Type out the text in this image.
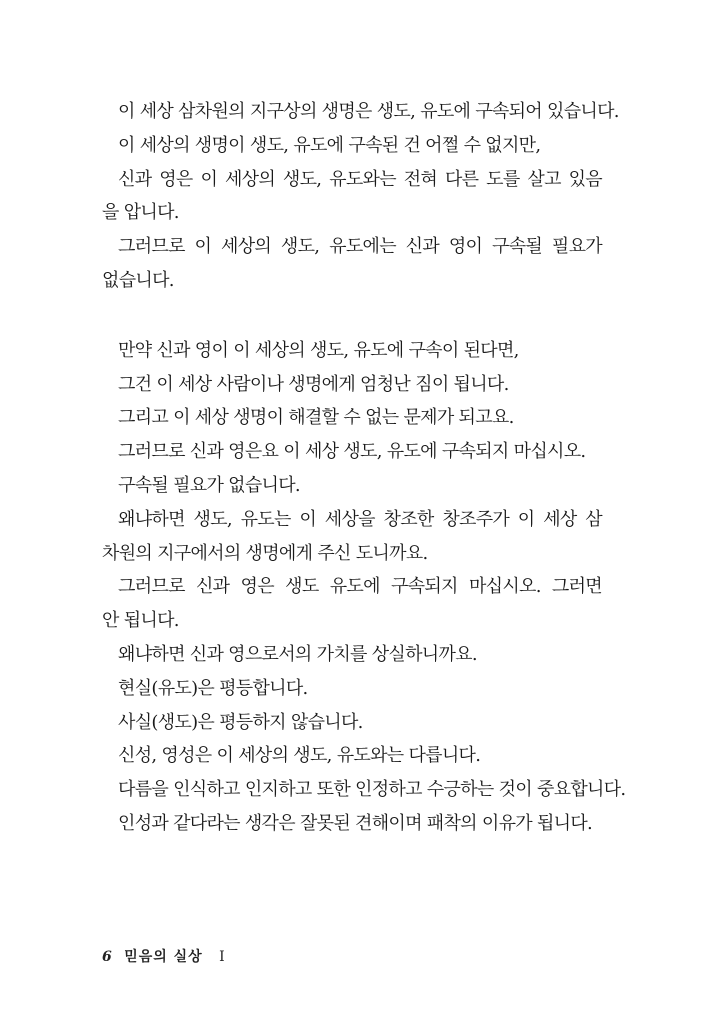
이 세상 삼차원의 지구상의 생명은 생도, 유도에 구속되어 있습니다.
이 세상의 생명이 생도, 유도에 구속된 건 어쩔 수 없지만,
신과 영은 이 세상의 생도, 유도와는 전혀 다른 도를 살고 있음
을 압니다.
그러므로 이 세상의 생도, 유도에는 신과 영이 구속될 필요가
없습니다.
만약 신과 영이 이 세상의 생도, 유도에 구속이 된다면,
그건 이 세상 사람이나 생명에게 엄청난 짐이 됩니다.
그리고 이 세상 생명이 해결할 수 없는 문제가 되고요.
그러므로 신과 영은요 이 세상 생도, 유도에 구속되지 마십시오.
구속될 필요가 없습니다.
왜냐하면 생도, 유도는 이 세상을 창조한 창조주가 이 세상 삼
차원의 지구에서의 생명에게 주신 도니까요.
그러므로 신과 영은 생도 유도에 구속되지 마십시오. 그러면
안 됩니다.
왜냐하면 신과 영으로서의 가치를 상실하니까요.
현실(유도)은 평등합니다.
사실(생도)은 평등하지 않습니다.
신성, 영성은 이 세상의 생도, 유도와는 다릅니다.
다름을 인식하고 인지하고 또한 인정하고 수긍하는 것이 중요합니다.
인성과 같다라는 생각은 잘못된 견해이며 패착의 이유가 됩니다.
6 믿음의 실상 I
